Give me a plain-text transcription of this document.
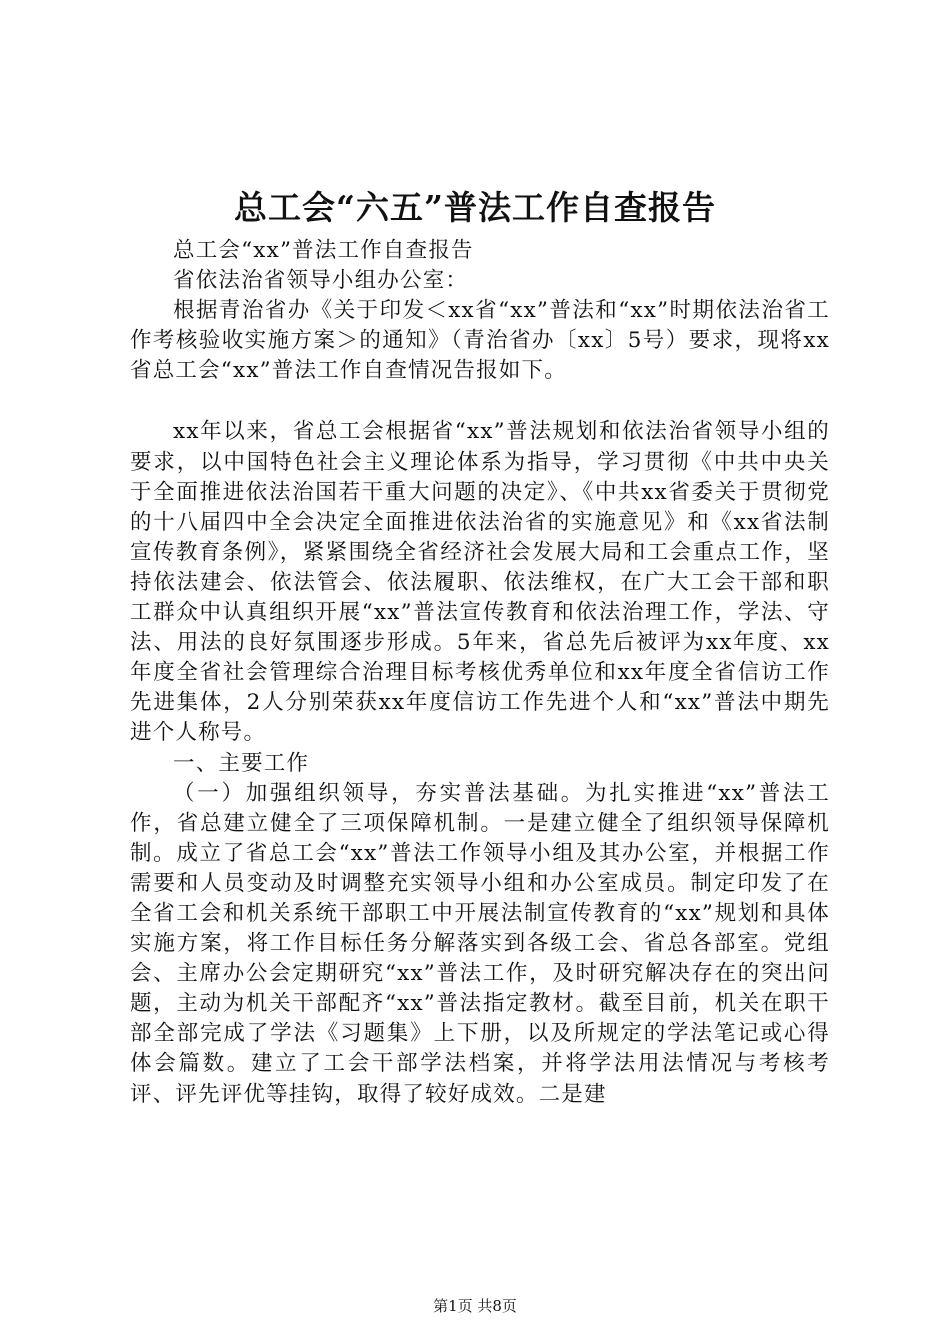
总工会“六五”普法工作自查报告

总工会“xx”普法工作自查报告

省依法治省领导小组办公室：

根据青治省办《关于印发＜xx省“xx”普法和“xx”时期依法治省工作考核验收实施方案＞的通知》（青治省办〔xx〕5号）要求，现将xx省总工会“xx”普法工作自查情况告报如下。

xx年以来，省总工会根据省“xx”普法规划和依法治省领导小组的要求，以中国特色社会主义理论体系为指导，学习贯彻《中共中央关于全面推进依法治国若干重大问题的决定》、《中共xx省委关于贯彻党的十八届四中全会决定全面推进依法治省的实施意见》和《xx省法制宣传教育条例》，紧紧围绕全省经济社会发展大局和工会重点工作，坚持依法建会、依法管会、依法履职、依法维权，在广大工会干部和职工群众中认真组织开展“xx”普法宣传教育和依法治理工作，学法、守法、用法的良好氛围逐步形成。5年来，省总先后被评为xx年度、xx年度全省社会管理综合治理目标考核优秀单位和xx年度全省信访工作先进集体，2人分别荣获xx年度信访工作先进个人和“xx”普法中期先进个人称号。

一、主要工作

（一）加强组织领导，夯实普法基础。为扎实推进“xx”普法工作，省总建立健全了三项保障机制。一是建立健全了组织领导保障机制。成立了省总工会“xx”普法工作领导小组及其办公室，并根据工作需要和人员变动及时调整充实领导小组和办公室成员。制定印发了在全省工会和机关系统干部职工中开展法制宣传教育的“xx”规划和具体实施方案，将工作目标任务分解落实到各级工会、省总各部室。党组会、主席办公会定期研究“xx”普法工作，及时研究解决存在的突出问题，主动为机关干部配齐“xx”普法指定教材。截至目前，机关在职干部全部完成了学法《习题集》上下册，以及所规定的学法笔记或心得体会篇数。建立了工会干部学法档案，并将学法用法情况与考核考评、评先评优等挂钩，取得了较好成效。二是建

第1页 共8页
